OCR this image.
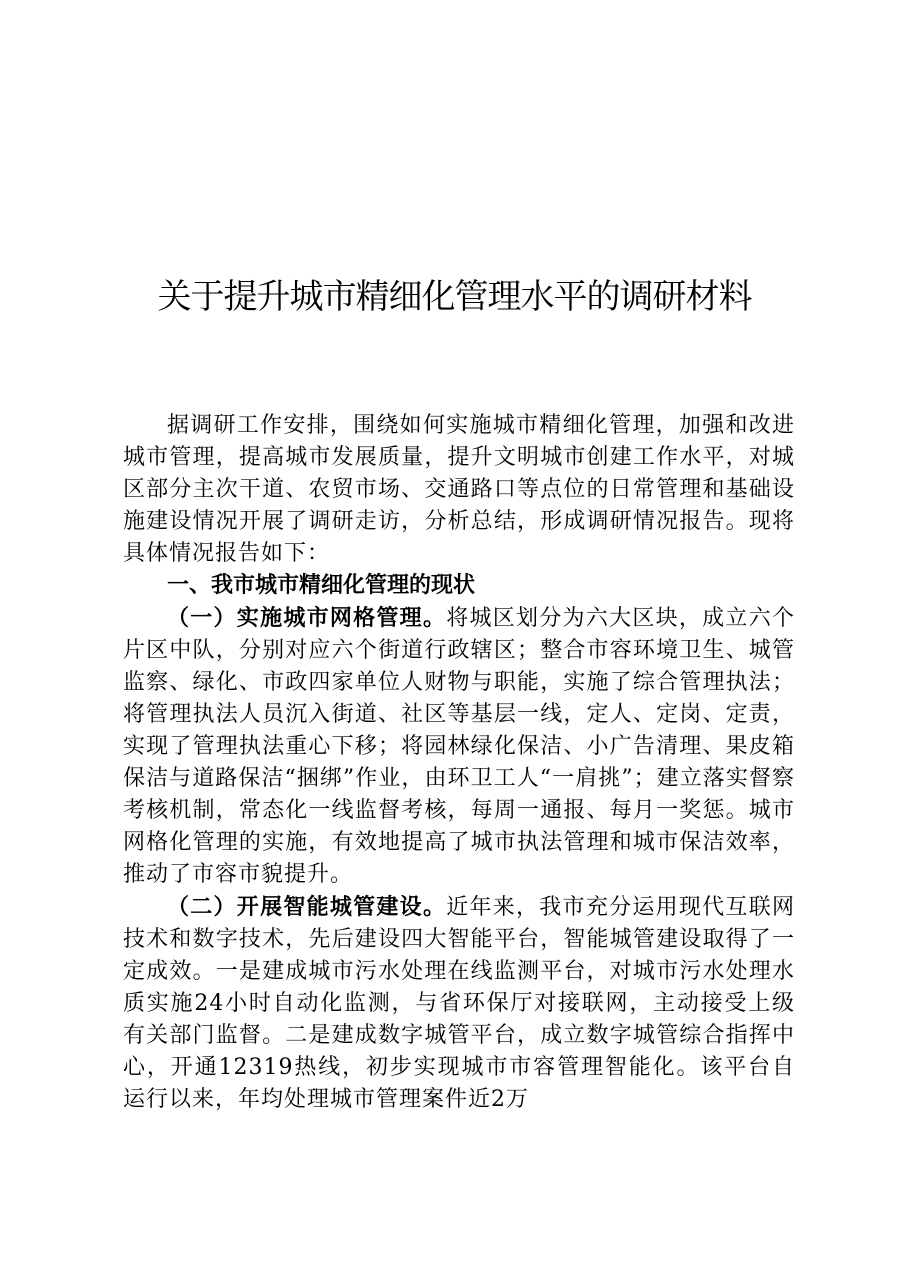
关于提升城市精细化管理水平的调研材料

据调研工作安排，围绕如何实施城市精细化管理，加强和改进城市管理，提高城市发展质量，提升文明城市创建工作水平，对城区部分主次干道、农贸市场、交通路口等点位的日常管理和基础设施建设情况开展了调研走访，分析总结，形成调研情况报告。现将具体情况报告如下：

一、我市城市精细化管理的现状

（一）实施城市网格管理。将城区划分为六大区块，成立六个片区中队，分别对应六个街道行政辖区；整合市容环境卫生、城管监察、绿化、市政四家单位人财物与职能，实施了综合管理执法；将管理执法人员沉入街道、社区等基层一线，定人、定岗、定责，实现了管理执法重心下移；将园林绿化保洁、小广告清理、果皮箱保洁与道路保洁“捆绑”作业，由环卫工人“一肩挑”；建立落实督察考核机制，常态化一线监督考核，每周一通报、每月一奖惩。城市网格化管理的实施，有效地提高了城市执法管理和城市保洁效率，推动了市容市貌提升。

（二）开展智能城管建设。近年来，我市充分运用现代互联网技术和数字技术，先后建设四大智能平台，智能城管建设取得了一定成效。一是建成城市污水处理在线监测平台，对城市污水处理水质实施24小时自动化监测，与省环保厅对接联网，主动接受上级有关部门监督。二是建成数字城管平台，成立数字城管综合指挥中心，开通12319热线，初步实现城市市容管理智能化。该平台自运行以来，年均处理城市管理案件近2万
